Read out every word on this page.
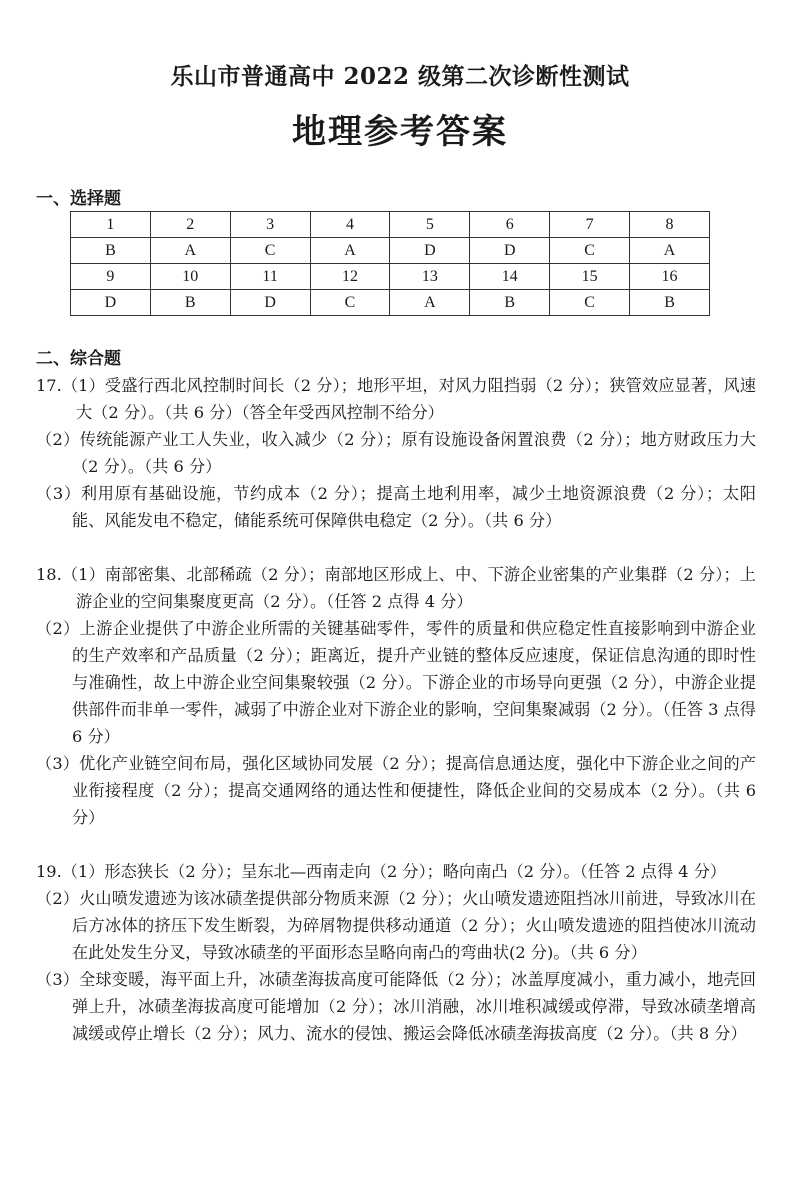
乐山市普通高中 2022 级第二次诊断性测试
地理参考答案
一、选择题
1	2	3	4	5	6	7	8
B	A	C	A	D	D	C	A
9	10	11	12	13	14	15	16
D	B	D	C	A	B	C	B
二、综合题
17.（1）受盛行西北风控制时间长（2 分）；地形平坦，对风力阻挡弱（2 分）；狭管效应显著，风速大（2 分）。（共 6 分）（答全年受西风控制不给分）
（2）传统能源产业工人失业，收入减少（2 分）；原有设施设备闲置浪费（2 分）；地方财政压力大（2 分）。（共 6 分）
（3）利用原有基础设施，节约成本（2 分）；提高土地利用率，减少土地资源浪费（2 分）；太阳能、风能发电不稳定，储能系统可保障供电稳定（2 分）。（共 6 分）
18.（1）南部密集、北部稀疏（2 分）；南部地区形成上、中、下游企业密集的产业集群（2 分）；上游企业的空间集聚度更高（2 分）。（任答 2 点得 4 分）
（2）上游企业提供了中游企业所需的关键基础零件，零件的质量和供应稳定性直接影响到中游企业的生产效率和产品质量（2 分）；距离近，提升产业链的整体反应速度，保证信息沟通的即时性与准确性，故上中游企业空间集聚较强（2 分）。下游企业的市场导向更强（2 分），中游企业提供部件而非单一零件，减弱了中游企业对下游企业的影响，空间集聚减弱（2 分）。（任答 3 点得 6 分）
（3）优化产业链空间布局，强化区域协同发展（2 分）；提高信息通达度，强化中下游企业之间的产业衔接程度（2 分）；提高交通网络的通达性和便捷性，降低企业间的交易成本（2 分）。（共 6 分）
19.（1）形态狭长（2 分）；呈东北—西南走向（2 分）；略向南凸（2 分）。（任答 2 点得 4 分）
（2）火山喷发遗迹为该冰碛垄提供部分物质来源（2 分）；火山喷发遗迹阻挡冰川前进，导致冰川在后方冰体的挤压下发生断裂，为碎屑物提供移动通道（2 分）；火山喷发遗迹的阻挡使冰川流动在此处发生分叉，导致冰碛垄的平面形态呈略向南凸的弯曲状(2 分)。（共 6 分）
（3）全球变暖，海平面上升，冰碛垄海拔高度可能降低（2 分）；冰盖厚度减小，重力减小，地壳回弹上升，冰碛垄海拔高度可能增加（2 分）；冰川消融，冰川堆积减缓或停滞，导致冰碛垄增高减缓或停止增长（2 分）；风力、流水的侵蚀、搬运会降低冰碛垄海拔高度（2 分）。（共 8 分）
